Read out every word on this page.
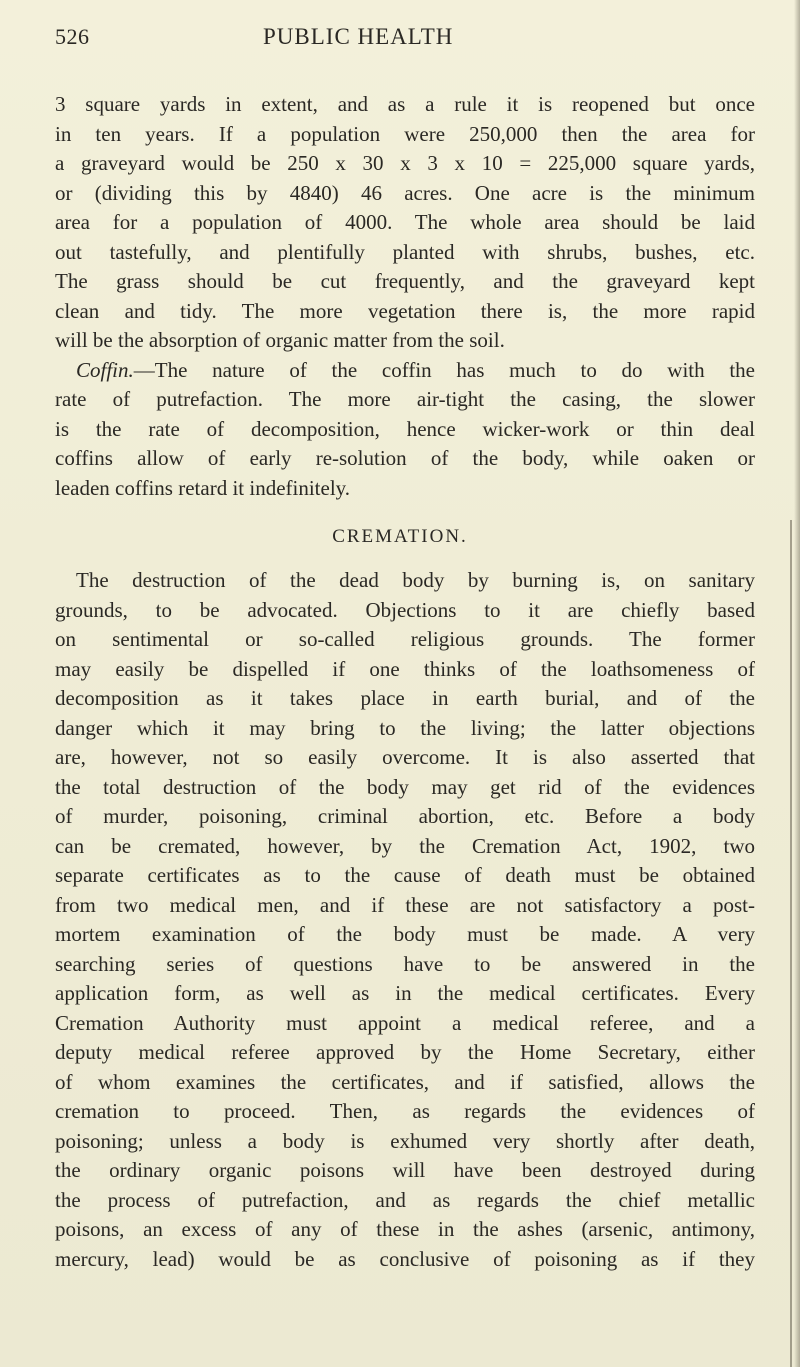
526	PUBLIC HEALTH
3 square yards in extent, and as a rule it is reopened but once
in ten years. If a population were 250,000 then the area for
a graveyard would be 250 x 30 x 3 x 10 = 225,000 square yards,
or (dividing this by 4840) 46 acres. One acre is the minimum
area for a population of 4000. The whole area should be laid
out tastefully, and plentifully planted with shrubs, bushes, etc.
The grass should be cut frequently, and the graveyard kept
clean and tidy. The more vegetation there is, the more rapid
will be the absorption of organic matter from the soil.
Coffin.—The nature of the coffin has much to do with the
rate of putrefaction. The more air-tight the casing, the slower
is the rate of decomposition, hence wicker-work or thin deal
coffins allow of early re-solution of the body, while oaken or
leaden coffins retard it indefinitely.
CREMATION.
The destruction of the dead body by burning is, on sanitary
grounds, to be advocated. Objections to it are chiefly based
on sentimental or so-called religious grounds. The former
may easily be dispelled if one thinks of the loathsomeness of
decomposition as it takes place in earth burial, and of the
danger which it may bring to the living; the latter objections
are, however, not so easily overcome. It is also asserted that
the total destruction of the body may get rid of the evidences
of murder, poisoning, criminal abortion, etc. Before a body
can be cremated, however, by the Cremation Act, 1902, two
separate certificates as to the cause of death must be obtained
from two medical men, and if these are not satisfactory a post-
mortem examination of the body must be made. A very
searching series of questions have to be answered in the
application form, as well as in the medical certificates. Every
Cremation Authority must appoint a medical referee, and a
deputy medical referee approved by the Home Secretary, either
of whom examines the certificates, and if satisfied, allows the
cremation to proceed. Then, as regards the evidences of
poisoning; unless a body is exhumed very shortly after death,
the ordinary organic poisons will have been destroyed during
the process of putrefaction, and as regards the chief metallic
poisons, an excess of any of these in the ashes (arsenic, antimony,
mercury, lead) would be as conclusive of poisoning as if they
